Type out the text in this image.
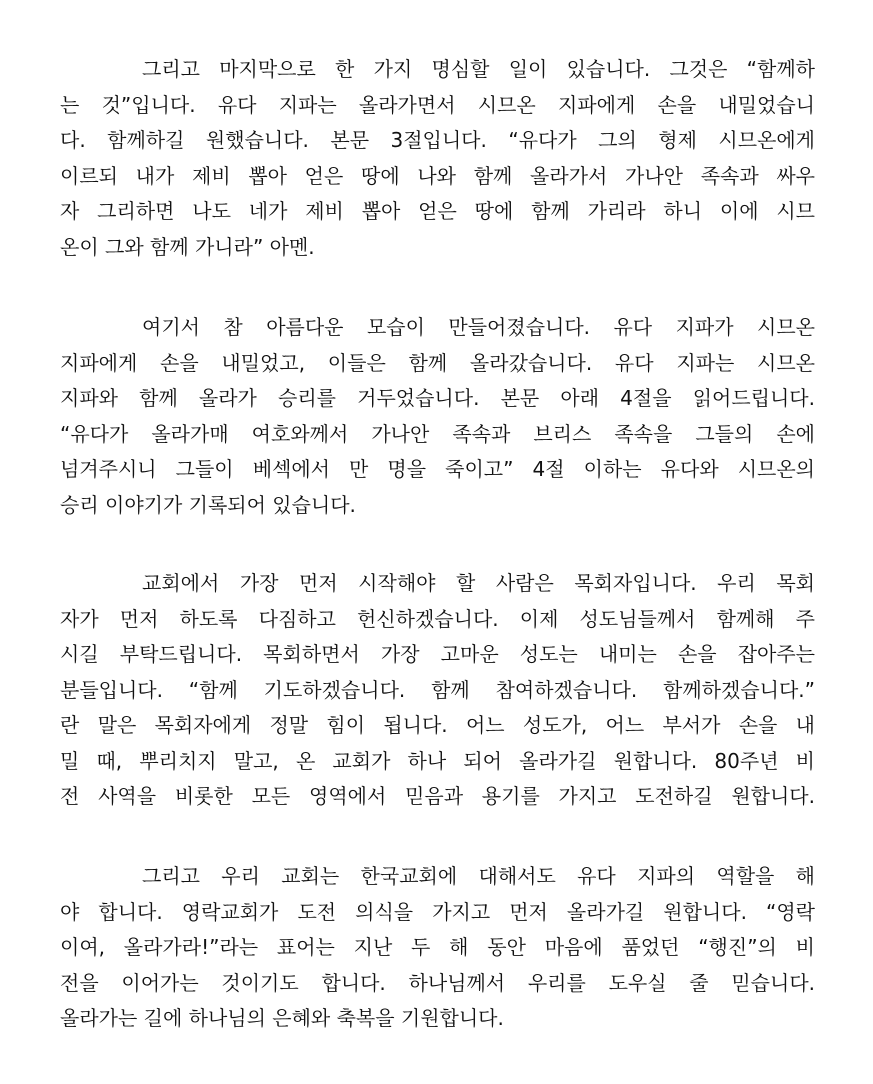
그리고 마지막으로 한 가지 명심할 일이 있습니다. 그것은 “함께하
는 것”입니다. 유다 지파는 올라가면서 시므온 지파에게 손을 내밀었습니
다. 함께하길 원했습니다. 본문 3절입니다. “유다가 그의 형제 시므온에게
이르되 내가 제비 뽑아 얻은 땅에 나와 함께 올라가서 가나안 족속과 싸우
자 그리하면 나도 네가 제비 뽑아 얻은 땅에 함께 가리라 하니 이에 시므
온이 그와 함께 가니라” 아멘.
여기서 참 아름다운 모습이 만들어졌습니다. 유다 지파가 시므온
지파에게 손을 내밀었고, 이들은 함께 올라갔습니다. 유다 지파는 시므온
지파와 함께 올라가 승리를 거두었습니다. 본문 아래 4절을 읽어드립니다.
“유다가 올라가매 여호와께서 가나안 족속과 브리스 족속을 그들의 손에
넘겨주시니 그들이 베섹에서 만 명을 죽이고” 4절 이하는 유다와 시므온의
승리 이야기가 기록되어 있습니다.
교회에서 가장 먼저 시작해야 할 사람은 목회자입니다. 우리 목회
자가 먼저 하도록 다짐하고 헌신하겠습니다. 이제 성도님들께서 함께해 주
시길 부탁드립니다. 목회하면서 가장 고마운 성도는 내미는 손을 잡아주는
분들입니다. “함께 기도하겠습니다. 함께 참여하겠습니다. 함께하겠습니다.”
란 말은 목회자에게 정말 힘이 됩니다. 어느 성도가, 어느 부서가 손을 내
밀 때, 뿌리치지 말고, 온 교회가 하나 되어 올라가길 원합니다. 80주년 비
전 사역을 비롯한 모든 영역에서 믿음과 용기를 가지고 도전하길 원합니다.
그리고 우리 교회는 한국교회에 대해서도 유다 지파의 역할을 해
야 합니다. 영락교회가 도전 의식을 가지고 먼저 올라가길 원합니다. “영락
이여, 올라가라!”라는 표어는 지난 두 해 동안 마음에 품었던 “행진”의 비
전을 이어가는 것이기도 합니다. 하나님께서 우리를 도우실 줄 믿습니다.
올라가는 길에 하나님의 은혜와 축복을 기원합니다.
